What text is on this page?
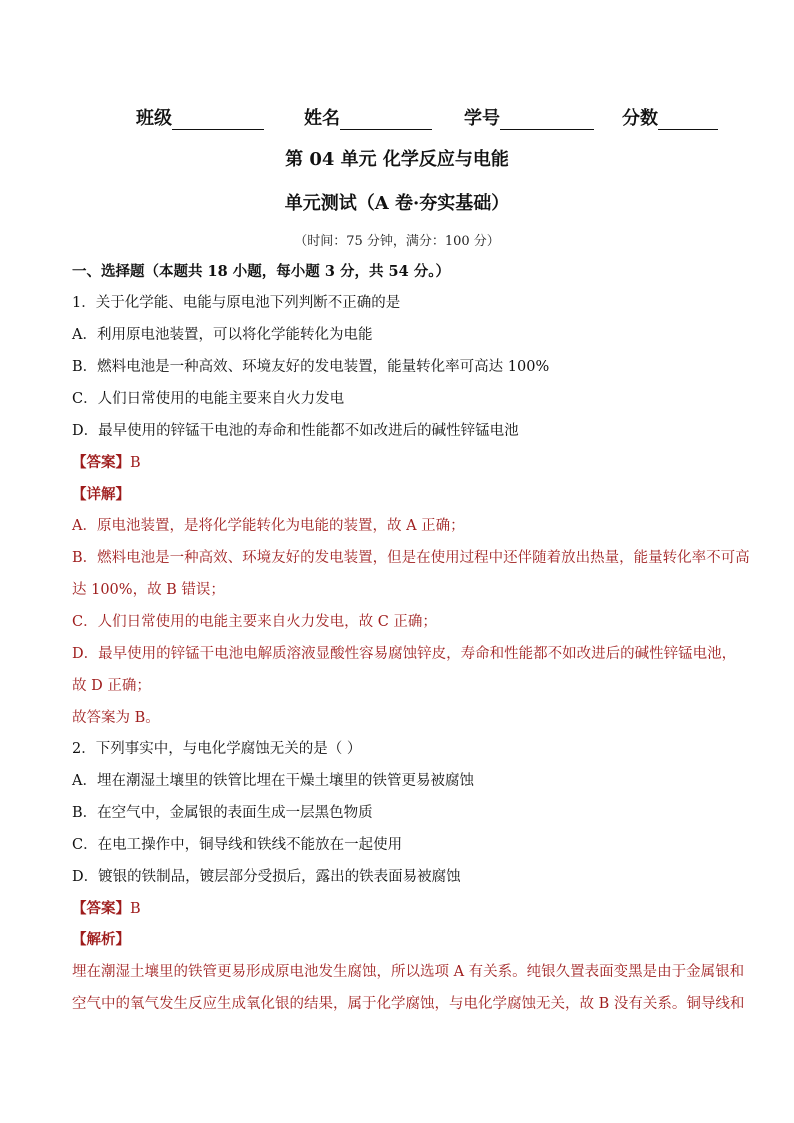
班级	姓名	学号	分数
第 04 单元 化学反应与电能
单元测试（A 卷·夯实基础）
（时间：75 分钟，满分：100 分）
一、选择题（本题共 18 小题，每小题 3 分，共 54 分。）
1．关于化学能、电能与原电池下列判断不正确的是
A．利用原电池装置，可以将化学能转化为电能
B．燃料电池是一种高效、环境友好的发电装置，能量转化率可高达 100%
C．人们日常使用的电能主要来自火力发电
D．最早使用的锌锰干电池的寿命和性能都不如改进后的碱性锌锰电池
【答案】B
【详解】
A．原电池装置，是将化学能转化为电能的装置，故 A 正确；
B．燃料电池是一种高效、环境友好的发电装置，但是在使用过程中还伴随着放出热量，能量转化率不可高
达 100%，故 B 错误；
C．人们日常使用的电能主要来自火力发电，故 C 正确；
D．最早使用的锌锰干电池电解质溶液显酸性容易腐蚀锌皮，寿命和性能都不如改进后的碱性锌锰电池，
故 D 正确；
故答案为 B。
2．下列事实中，与电化学腐蚀无关的是（ ）
A．埋在潮湿土壤里的铁管比埋在干燥土壤里的铁管更易被腐蚀
B．在空气中，金属银的表面生成一层黑色物质
C．在电工操作中，铜导线和铁线不能放在一起使用
D．镀银的铁制品，镀层部分受损后，露出的铁表面易被腐蚀
【答案】B
【解析】
埋在潮湿土壤里的铁管更易形成原电池发生腐蚀，所以选项 A 有关系。纯银久置表面变黑是由于金属银和
空气中的氧气发生反应生成氧化银的结果，属于化学腐蚀，与电化学腐蚀无关，故 B 没有关系。铜导线和
